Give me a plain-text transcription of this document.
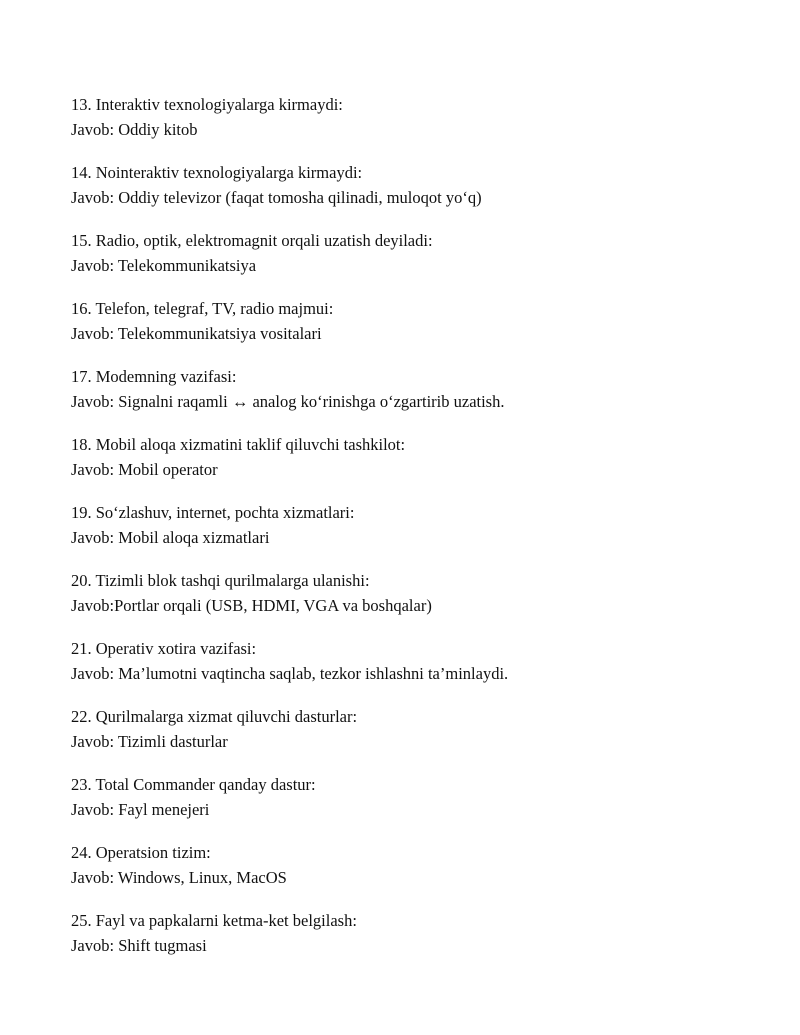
13. Interaktiv texnologiyalarga kirmaydi:
Javob: Oddiy kitob
14. Nointeraktiv texnologiyalarga kirmaydi:
Javob: Oddiy televizor (faqat tomosha qilinadi, muloqot yo‘q)
15. Radio, optik, elektromagnit orqali uzatish deyiladi:
Javob: Telekommunikatsiya
16. Telefon, telegraf, TV, radio majmui:
Javob: Telekommunikatsiya vositalari
17. Modemning vazifasi:
Javob: Signalni raqamli ↔ analog ko‘rinishga o‘zgartirib uzatish.
18. Mobil aloqa xizmatini taklif qiluvchi tashkilot:
Javob: Mobil operator
19. So‘zlashuv, internet, pochta xizmatlari:
Javob: Mobil aloqa xizmatlari
20. Tizimli blok tashqi qurilmalarga ulanishi:
Javob:Portlar orqali (USB, HDMI, VGA va boshqalar)
21. Operativ xotira vazifasi:
Javob: Ma’lumotni vaqtincha saqlab, tezkor ishlashni ta’minlaydi.
22. Qurilmalarga xizmat qiluvchi dasturlar:
Javob: Tizimli dasturlar
23. Total Commander qanday dastur:
Javob: Fayl menejeri
24. Operatsion tizim:
Javob: Windows, Linux, MacOS
25. Fayl va papkalarni ketma-ket belgilash:
Javob: Shift tugmasi
